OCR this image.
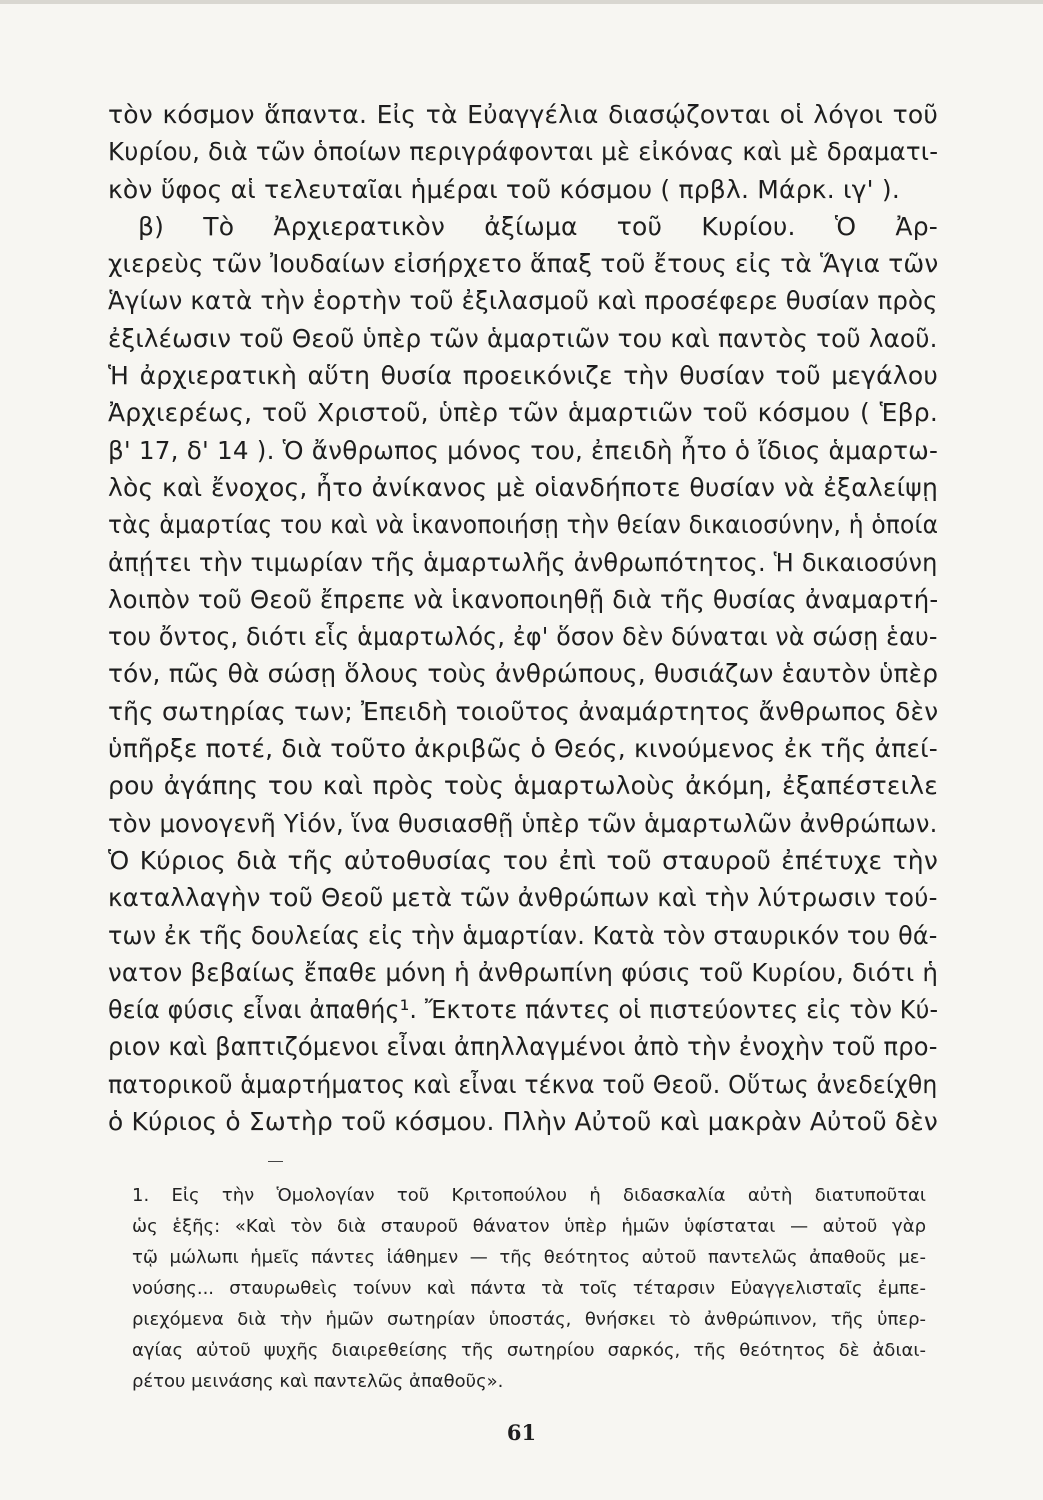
τὸν κόσμον ἅπαντα. Εἰς τὰ Εὐαγγέλια διασῴζονται οἱ λόγοι τοῦ
Κυρίου, διὰ τῶν ὁποίων περιγράφονται μὲ εἰκόνας καὶ μὲ δραματι-
κὸν ὕφος αἱ τελευταῖαι ἡμέραι τοῦ κόσμου ( πρβλ. Μάρκ. ιγ' ).
β) Τὸ Ἀρχιερατικὸν ἀξίωμα τοῦ Κυρίου. Ὁ Ἀρ-
χιερεὺς τῶν Ἰουδαίων εἰσήρχετο ἅπαξ τοῦ ἔτους εἰς τὰ Ἅγια τῶν
Ἁγίων κατὰ τὴν ἑορτὴν τοῦ ἐξιλασμοῦ καὶ προσέφερε θυσίαν πρὸς
ἐξιλέωσιν τοῦ Θεοῦ ὑπὲρ τῶν ἁμαρτιῶν του καὶ παντὸς τοῦ λαοῦ.
Ἡ ἀρχιερατικὴ αὕτη θυσία προεικόνιζε τὴν θυσίαν τοῦ μεγάλου
Ἀρχιερέως, τοῦ Χριστοῦ, ὑπὲρ τῶν ἁμαρτιῶν τοῦ κόσμου ( Ἑβρ.
β' 17, δ' 14 ). Ὁ ἄνθρωπος μόνος του, ἐπειδὴ ἦτο ὁ ἴδιος ἁμαρτω-
λὸς καὶ ἔνοχος, ἦτο ἀνίκανος μὲ οἱανδήποτε θυσίαν νὰ ἐξαλείψῃ
τὰς ἁμαρτίας του καὶ νὰ ἱκανοποιήσῃ τὴν θείαν δικαιοσύνην, ἡ ὁποία
ἀπῄτει τὴν τιμωρίαν τῆς ἁμαρτωλῆς ἀνθρωπότητος. Ἡ δικαιοσύνη
λοιπὸν τοῦ Θεοῦ ἔπρεπε νὰ ἱκανοποιηθῇ διὰ τῆς θυσίας ἀναμαρτή-
του ὄντος, διότι εἷς ἁμαρτωλός, ἐφ' ὅσον δὲν δύναται νὰ σώσῃ ἑαυ-
τόν, πῶς θὰ σώσῃ ὅλους τοὺς ἀνθρώπους, θυσιάζων ἑαυτὸν ὑπὲρ
τῆς σωτηρίας των; Ἐπειδὴ τοιοῦτος ἀναμάρτητος ἄνθρωπος δὲν
ὑπῆρξε ποτέ, διὰ τοῦτο ἀκριβῶς ὁ Θεός, κινούμενος ἐκ τῆς ἀπεί-
ρου ἀγάπης του καὶ πρὸς τοὺς ἁμαρτωλοὺς ἀκόμη, ἐξαπέστειλε
τὸν μονογενῆ Υἱόν, ἵνα θυσιασθῇ ὑπὲρ τῶν ἁμαρτωλῶν ἀνθρώπων.
Ὁ Κύριος διὰ τῆς αὐτοθυσίας του ἐπὶ τοῦ σταυροῦ ἐπέτυχε τὴν
καταλλαγὴν τοῦ Θεοῦ μετὰ τῶν ἀνθρώπων καὶ τὴν λύτρωσιν τού-
των ἐκ τῆς δουλείας εἰς τὴν ἁμαρτίαν. Κατὰ τὸν σταυρικόν του θά-
νατον βεβαίως ἔπαθε μόνη ἡ ἀνθρωπίνη φύσις τοῦ Κυρίου, διότι ἡ
θεία φύσις εἶναι ἀπαθής¹. Ἔκτοτε πάντες οἱ πιστεύοντες εἰς τὸν Κύ-
ριον καὶ βαπτιζόμενοι εἶναι ἀπηλλαγμένοι ἀπὸ τὴν ἐνοχὴν τοῦ προ-
πατορικοῦ ἁμαρτήματος καὶ εἶναι τέκνα τοῦ Θεοῦ. Οὕτως ἀνεδείχθη
ὁ Κύριος ὁ Σωτὴρ τοῦ κόσμου. Πλὴν Αὐτοῦ καὶ μακρὰν Αὐτοῦ δὲν
1. Εἰς τὴν Ὁμολογίαν τοῦ Κριτοπούλου ἡ διδασκαλία αὐτὴ διατυποῦται
ὡς ἑξῆς: «Καὶ τὸν διὰ σταυροῦ θάνατον ὑπὲρ ἡμῶν ὑφίσταται — αὐτοῦ γὰρ
τῷ μώλωπι ἡμεῖς πάντες ἰάθημεν — τῆς θεότητος αὐτοῦ παντελῶς ἀπαθοῦς με-
νούσης... σταυρωθεὶς τοίνυν καὶ πάντα τὰ τοῖς τέταρσιν Εὐαγγελισταῖς ἐμπε-
ριεχόμενα διὰ τὴν ἡμῶν σωτηρίαν ὑποστάς, θνήσκει τὸ ἀνθρώπινον, τῆς ὑπερ-
αγίας αὐτοῦ ψυχῆς διαιρεθείσης τῆς σωτηρίου σαρκός, τῆς θεότητος δὲ ἀδιαι-
ρέτου μεινάσης καὶ παντελῶς ἀπαθοῦς».
61
